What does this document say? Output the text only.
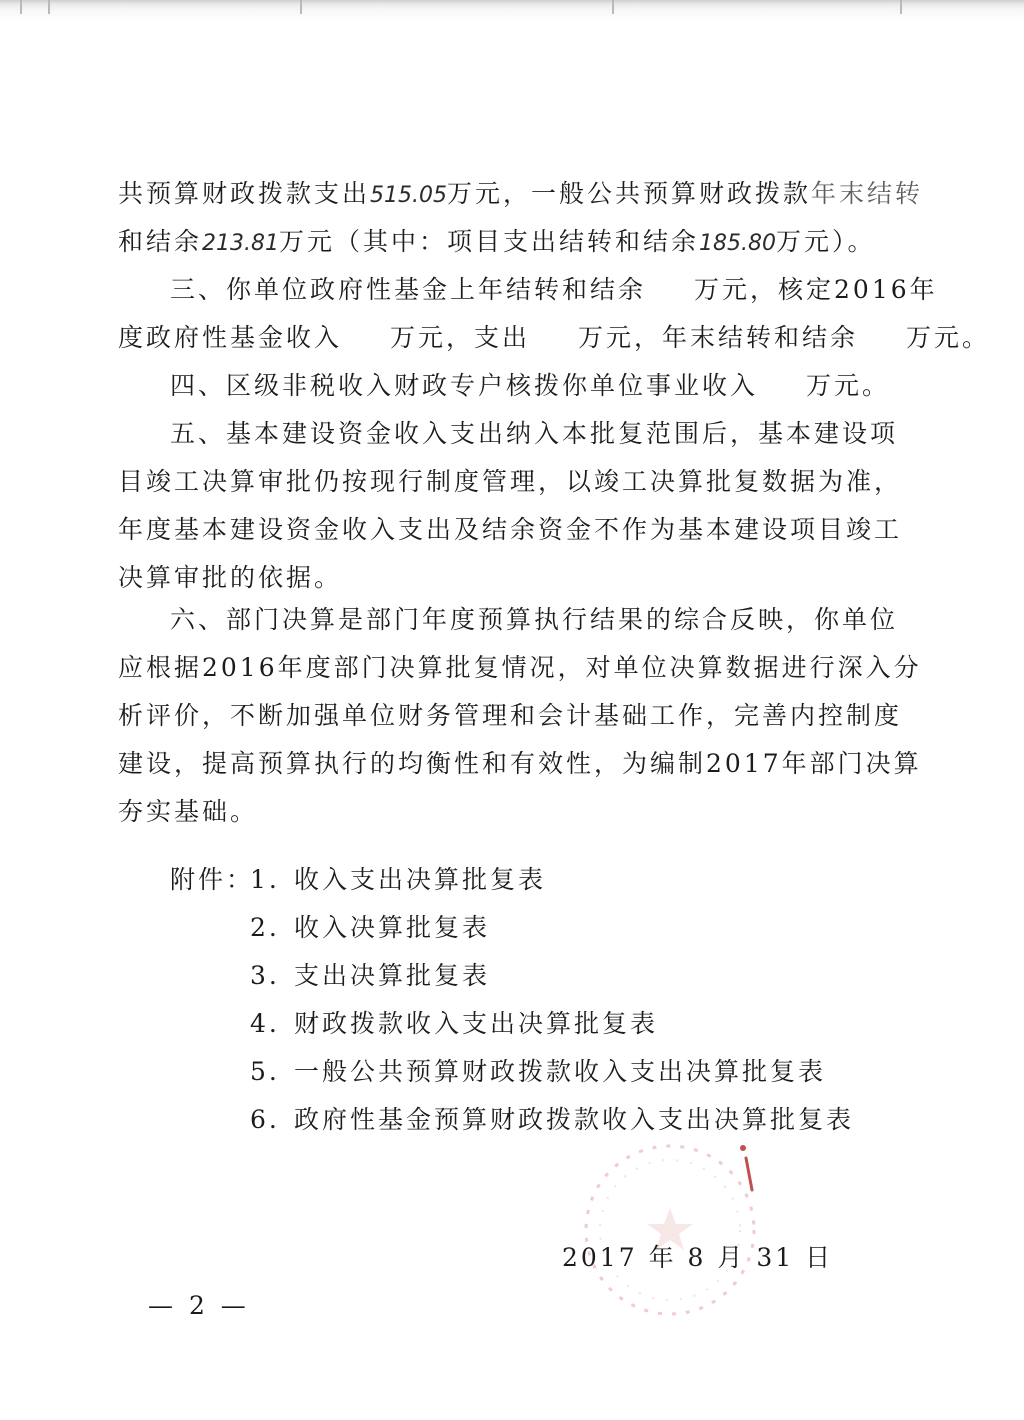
共预算财政拨款支出515.05万元，一般公共预算财政拨款年末结转
和结余213.81万元（其中：项目支出结转和结余185.80万元）。
三、你单位政府性基金上年结转和结余 万元，核定2016年
度政府性基金收入 万元，支出 万元，年末结转和结余 万元。
四、区级非税收入财政专户核拨你单位事业收入 万元。
五、基本建设资金收入支出纳入本批复范围后，基本建设项
目竣工决算审批仍按现行制度管理，以竣工决算批复数据为准，
年度基本建设资金收入支出及结余资金不作为基本建设项目竣工
决算审批的依据。
六、部门决算是部门年度预算执行结果的综合反映，你单位
应根据2016年度部门决算批复情况，对单位决算数据进行深入分
析评价，不断加强单位财务管理和会计基础工作，完善内控制度
建设，提高预算执行的均衡性和有效性，为编制2017年部门决算
夯实基础。
附件：
1. 收入支出决算批复表
2. 收入决算批复表
3. 支出决算批复表
4. 财政拨款收入支出决算批复表
5. 一般公共预算财政拨款收入支出决算批复表
6. 政府性基金预算财政拨款收入支出决算批复表
2017 年 8 月 31 日
— 2 —
